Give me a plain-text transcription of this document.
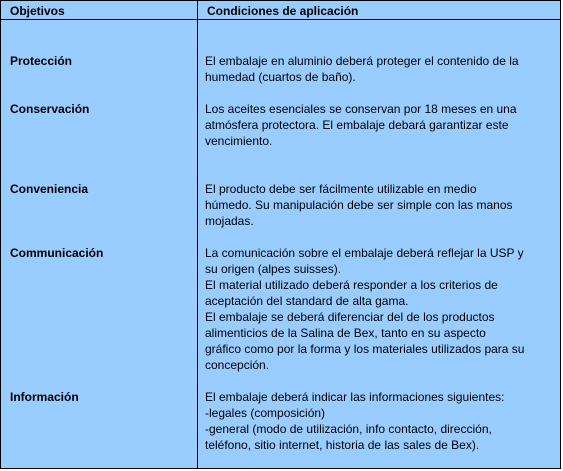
Objetivos	Condiciones de aplicación
Protección	El embalaje en aluminio deberá proteger el contenido de la
humedad (cuartos de baño).
Conservación	Los aceites esenciales se conservan por 18 meses en una
atmósfera protectora. El embalaje debará garantizar este
vencimiento.
Conveniencia	El producto debe ser fácilmente utilizable en medio
húmedo. Su manipulación debe ser simple con las manos
mojadas.
Communicación	La comunicación sobre el embalaje deberá reflejar la USP y
su origen (alpes suisses).
El material utilizado deberá responder a los criterios de
aceptación del standard de alta gama.
El embalaje se deberá diferenciar del de los productos
alimenticios de la Salina de Bex, tanto en su aspecto
gráfico como por la forma y los materiales utilizados para su
concepción.
Información	El embalaje deberá indicar las informaciones siguientes:
-legales (composición)
-general (modo de utilización, info contacto, dirección,
teléfono, sitio internet, historia de las sales de Bex).
